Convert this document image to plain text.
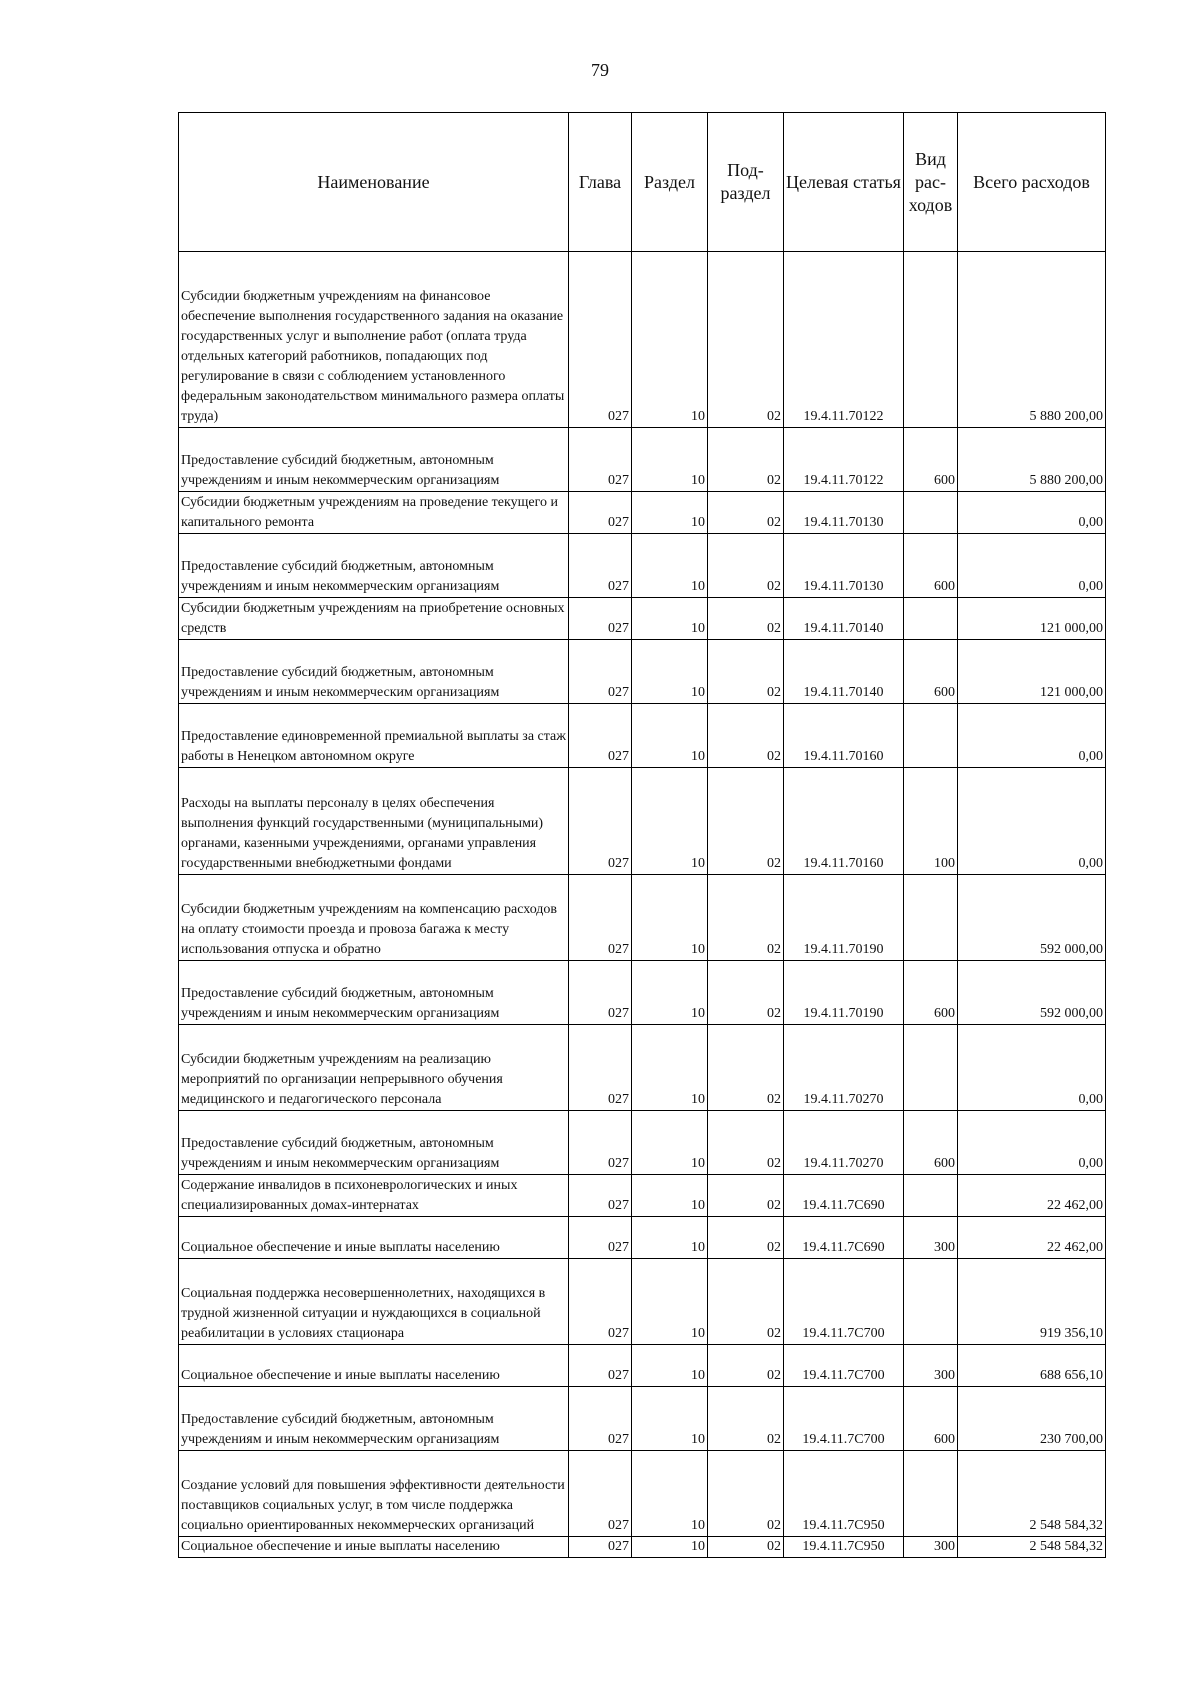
79
Наименование	Глава	Раздел	Под-раздел	Целевая статья	Вид рас-ходов	Всего расходов
Субсидии бюджетным учреждениям на финансовое обеспечение выполнения государственного задания на оказание государственных услуг и выполнение работ (оплата труда отдельных категорий работников, попадающих под регулирование в связи с соблюдением установленного федеральным законодательством минимального размера оплаты труда)	027	10	02	19.4.11.70122		5 880 200,00
Предоставление субсидий бюджетным, автономным учреждениям и иным некоммерческим организациям	027	10	02	19.4.11.70122	600	5 880 200,00
Субсидии бюджетным учреждениям на проведение текущего и капитального ремонта	027	10	02	19.4.11.70130		0,00
Предоставление субсидий бюджетным, автономным учреждениям и иным некоммерческим организациям	027	10	02	19.4.11.70130	600	0,00
Субсидии бюджетным учреждениям на приобретение основных средств	027	10	02	19.4.11.70140		121 000,00
Предоставление субсидий бюджетным, автономным учреждениям и иным некоммерческим организациям	027	10	02	19.4.11.70140	600	121 000,00
Предоставление единовременной премиальной выплаты за стаж работы в Ненецком автономном округе	027	10	02	19.4.11.70160		0,00
Расходы на выплаты персоналу в целях обеспечения выполнения функций государственными (муниципальными) органами, казенными учреждениями, органами управления государственными внебюджетными фондами	027	10	02	19.4.11.70160	100	0,00
Субсидии бюджетным учреждениям на компенсацию расходов на оплату стоимости проезда и провоза багажа к месту использования отпуска и обратно	027	10	02	19.4.11.70190		592 000,00
Предоставление субсидий бюджетным, автономным учреждениям и иным некоммерческим организациям	027	10	02	19.4.11.70190	600	592 000,00
Субсидии бюджетным учреждениям на реализацию мероприятий по организации непрерывного обучения медицинского и педагогического персонала	027	10	02	19.4.11.70270		0,00
Предоставление субсидий бюджетным, автономным учреждениям и иным некоммерческим организациям	027	10	02	19.4.11.70270	600	0,00
Содержание инвалидов в психоневрологических и иных специализированных домах-интернатах	027	10	02	19.4.11.7С690		22 462,00
Социальное обеспечение и иные выплаты населению	027	10	02	19.4.11.7С690	300	22 462,00
Социальная поддержка несовершеннолетних, находящихся в трудной жизненной ситуации и нуждающихся в социальной реабилитации в условиях стационара	027	10	02	19.4.11.7С700		919 356,10
Социальное обеспечение и иные выплаты населению	027	10	02	19.4.11.7С700	300	688 656,10
Предоставление субсидий бюджетным, автономным учреждениям и иным некоммерческим организациям	027	10	02	19.4.11.7С700	600	230 700,00
Создание условий для повышения эффективности деятельности поставщиков социальных услуг, в том числе поддержка социально ориентированных некоммерческих организаций	027	10	02	19.4.11.7С950		2 548 584,32
Социальное обеспечение и иные выплаты населению	027	10	02	19.4.11.7С950	300	2 548 584,32
